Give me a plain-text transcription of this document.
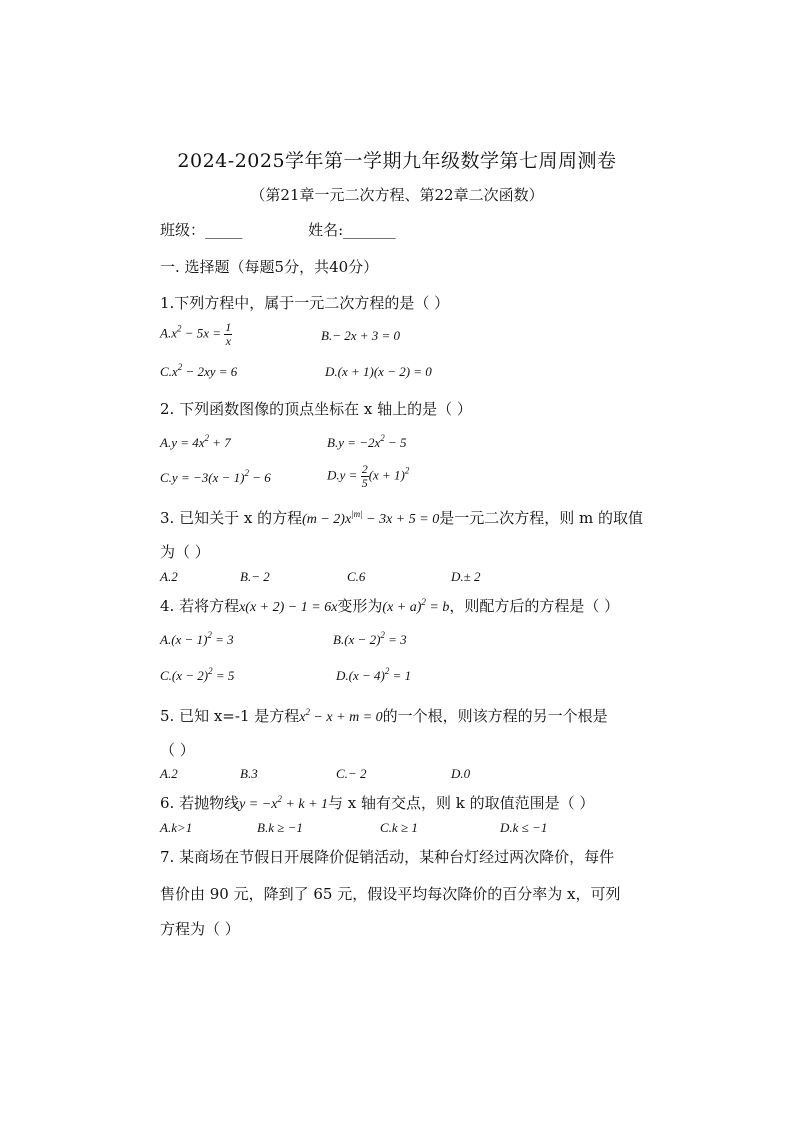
2024-2025学年第一学期九年级数学第七周周测卷
（第21章一元二次方程、第22章二次函数）
班级：_____	姓名:_______
一. 选择题（每题5分，共40分）
1.下列方程中，属于一元二次方程的是（ ）
$A.x^2 - 5x = \frac{1}{x}$	B.− 2x + 3 = 0
$C.x^2 - 2xy = 6$	D.(x + 1)(x − 2) = 0
2. 下列函数图像的顶点坐标在 x 轴上的是（ ）
$A.y = 4x^2 + 7$	$B.y = -2x^2 - 5$
$C.y = -3(x - 1)^2 - 6$	$D.y = \frac{2}{5} (x + 1)^2$
3. 已知关于 x 的方程$(m - 2)x^{|m|} - 3x + 5 = 0$是一元二次方程，则 m 的取值
为（ ）
A.2	B.− 2	C.6	D.± 2
4. 若将方程x(x + 2) − 1 = 6x变形为$(x + a)^2 = b$，则配方后的方程是（ ）
$A.(x - 1)^2 = 3$	$B.(x - 2)^2 = 3$
$C.(x - 2)^2 = 5$	$D.(x - 4)^2 = 1$
5. 已知 x=-1 是方程$x^2 - x + m = 0$的一个根，则该方程的另一个根是
（ ）
A.2	B.3	C.− 2	D.0
6. 若抛物线$y = -x^2 + k + 1$与 x 轴有交点，则 k 的取值范围是（ ）
A.k>1	B.k ≥ −1	C.k ≥ 1	D.k ≤ −1
7. 某商场在节假日开展降价促销活动，某种台灯经过两次降价，每件
售价由 90 元，降到了 65 元，假设平均每次降价的百分率为 x，可列
方程为（ ）
